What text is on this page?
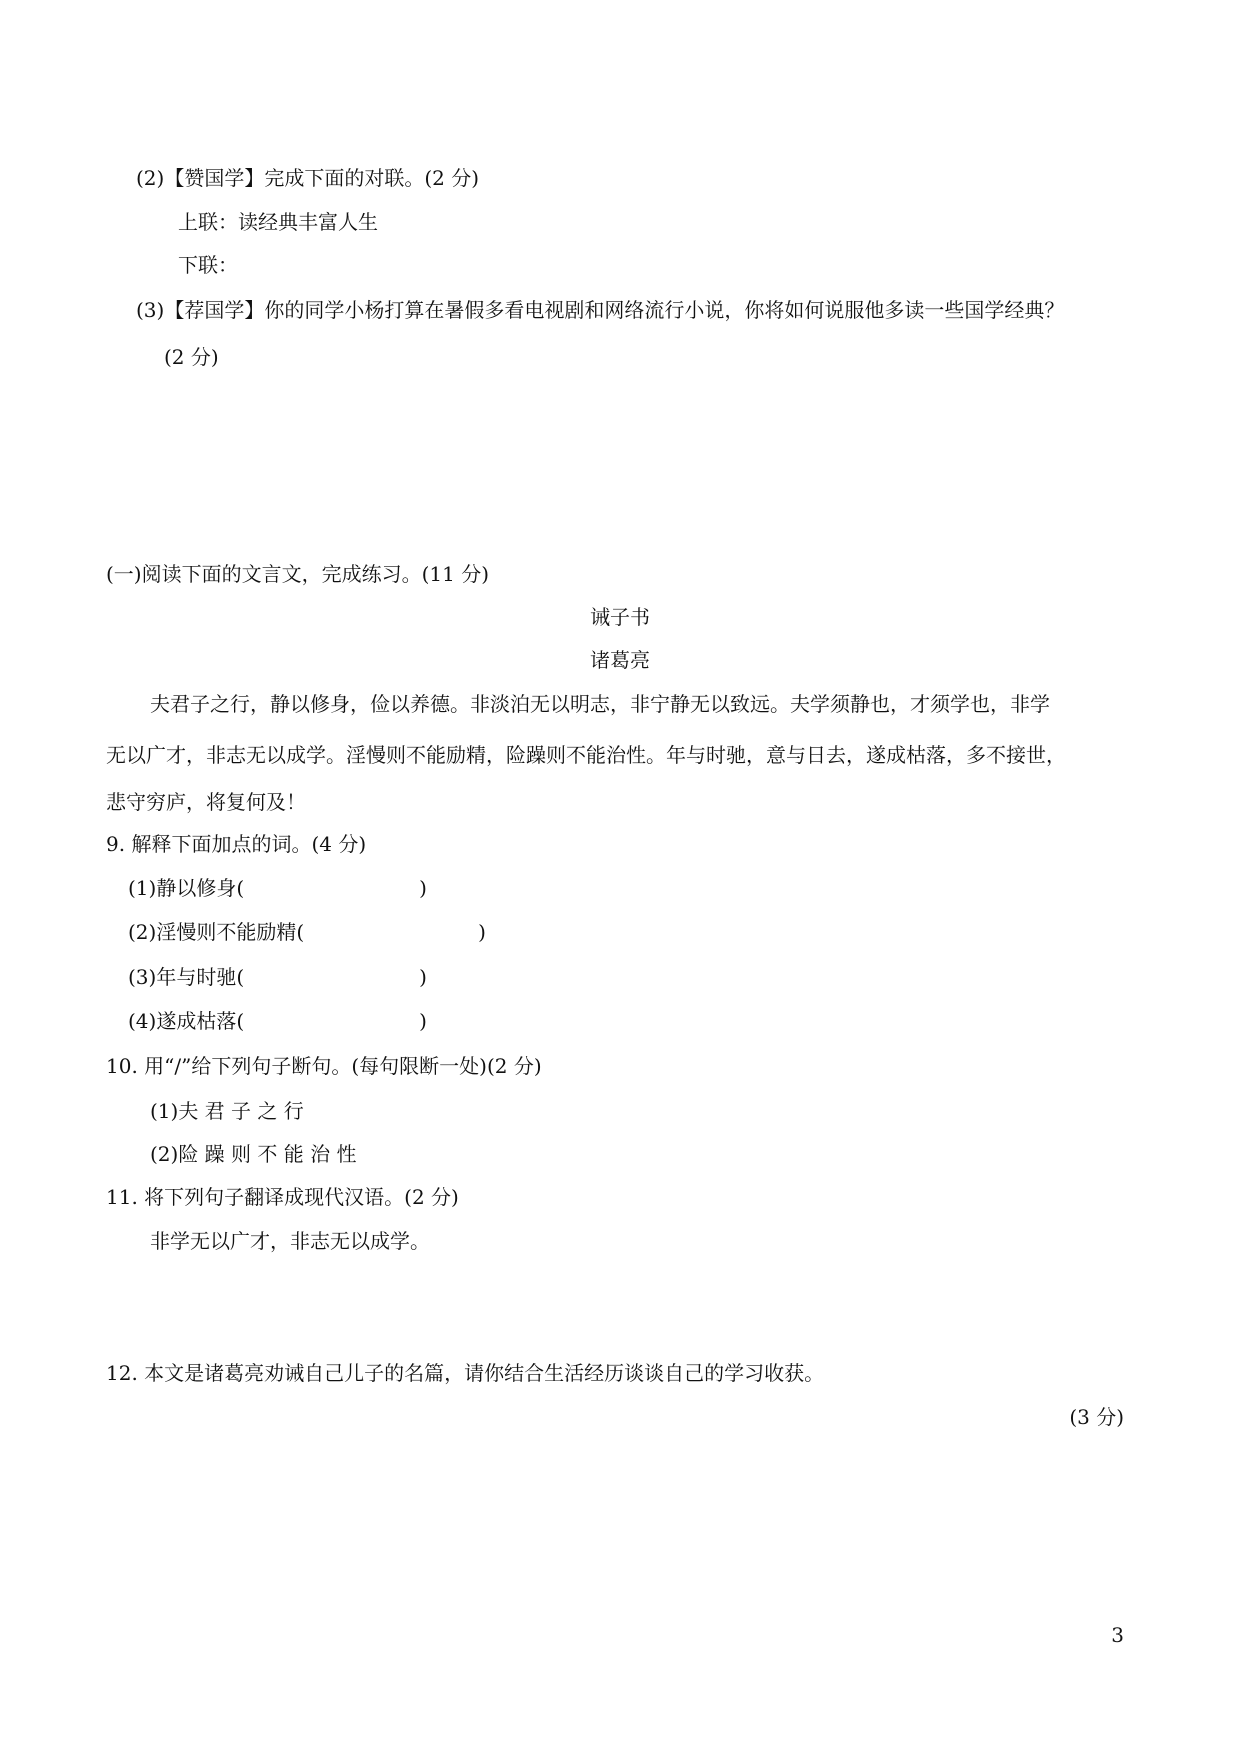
(2)【赞国学】完成下面的对联。(2 分)
上联：读经典丰富人生
下联：
(3)【荐国学】你的同学小杨打算在暑假多看电视剧和网络流行小说，你将如何说服他多读一些国学经典？
(2 分)
(一)阅读下面的文言文，完成练习。(11 分)
诫子书
诸葛亮
夫君子之行，静以修身，俭以养德。非淡泊无以明志，非宁静无以致远。夫学须静也，才须学也，非学
无以广才，非志无以成学。淫慢则不能励精，险躁则不能治性。年与时驰，意与日去，遂成枯落，多不接世，
悲守穷庐，将复何及！
9. 解释下面加点的词。(4 分)
(1)静以修身(	)
(2)淫慢则不能励精(	)
(3)年与时驰(	)
(4)遂成枯落(	)
10. 用“/”给下列句子断句。(每句限断一处)(2 分)
(1)夫 君 子 之 行
(2)险 躁 则 不 能 治 性
11. 将下列句子翻译成现代汉语。(2 分)
非学无以广才，非志无以成学。
12. 本文是诸葛亮劝诫自己儿子的名篇，请你结合生活经历谈谈自己的学习收获。
(3 分)
3
